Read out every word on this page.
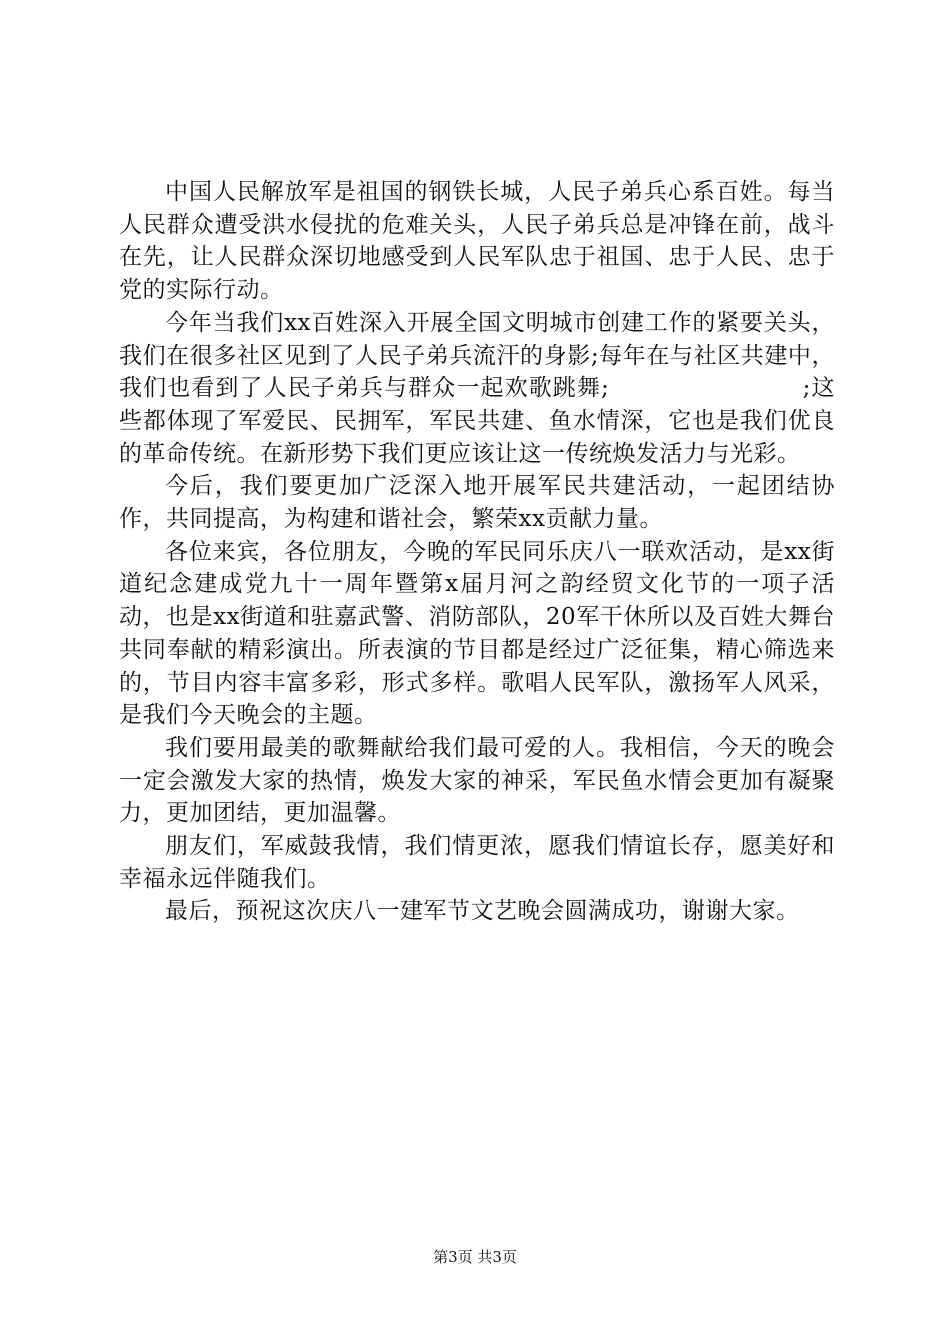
中国人民解放军是祖国的钢铁长城，人民子弟兵心系百姓。每当人民群众遭受洪水侵扰的危难关头，人民子弟兵总是冲锋在前，战斗在先，让人民群众深切地感受到人民军队忠于祖国、忠于人民、忠于党的实际行动。

今年当我们xx百姓深入开展全国文明城市创建工作的紧要关头，我们在很多社区见到了人民子弟兵流汗的身影;每年在与社区共建中，我们也看到了人民子弟兵与群众一起欢歌跳舞;　　　　　　　　;这些都体现了军爱民、民拥军，军民共建、鱼水情深，它也是我们优良的革命传统。在新形势下我们更应该让这一传统焕发活力与光彩。

今后，我们要更加广泛深入地开展军民共建活动，一起团结协作，共同提高，为构建和谐社会，繁荣xx贡献力量。

各位来宾，各位朋友，今晚的军民同乐庆八一联欢活动，是xx街道纪念建成党九十一周年暨第x届月河之韵经贸文化节的一项子活动，也是xx街道和驻嘉武警、消防部队，20军干休所以及百姓大舞台共同奉献的精彩演出。所表演的节目都是经过广泛征集，精心筛选来的，节目内容丰富多彩，形式多样。歌唱人民军队，激扬军人风采，是我们今天晚会的主题。

我们要用最美的歌舞献给我们最可爱的人。我相信，今天的晚会一定会激发大家的热情，焕发大家的神采，军民鱼水情会更加有凝聚力，更加团结，更加温馨。

朋友们，军威鼓我情，我们情更浓，愿我们情谊长存，愿美好和幸福永远伴随我们。

最后，预祝这次庆八一建军节文艺晚会圆满成功，谢谢大家。

第3页 共3页
